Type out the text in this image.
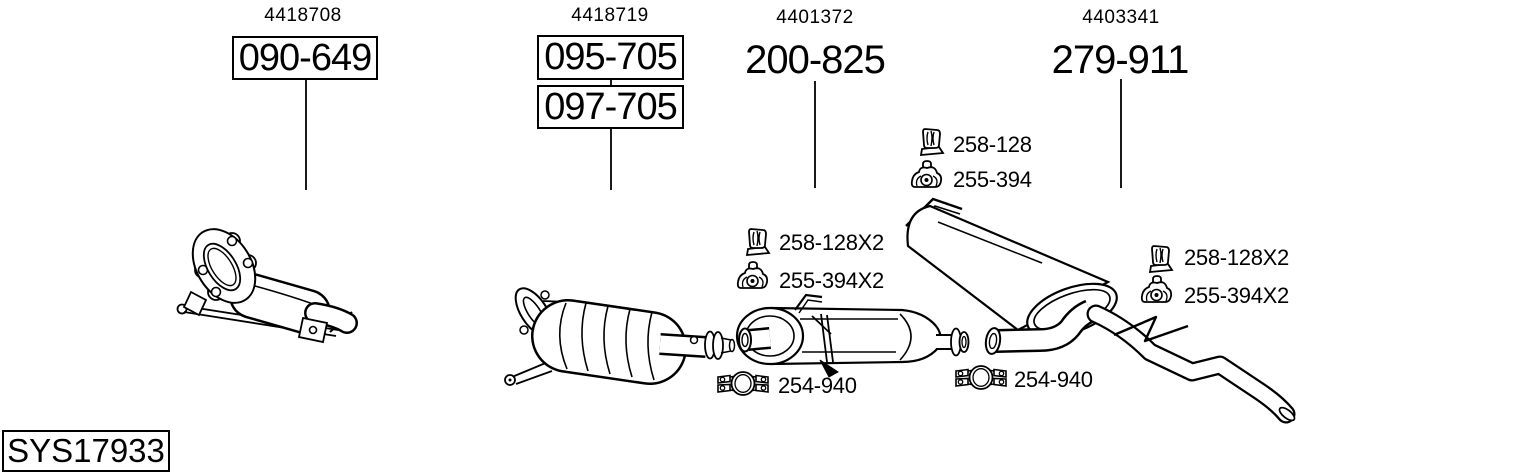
4418708
090-649
4418719
095-705
097-705
4401372
200-825
4403341
279-911
258-128
255-394
258-128X2
255-394X2
258-128X2
255-394X2
254-940	254-940
SYS17933
